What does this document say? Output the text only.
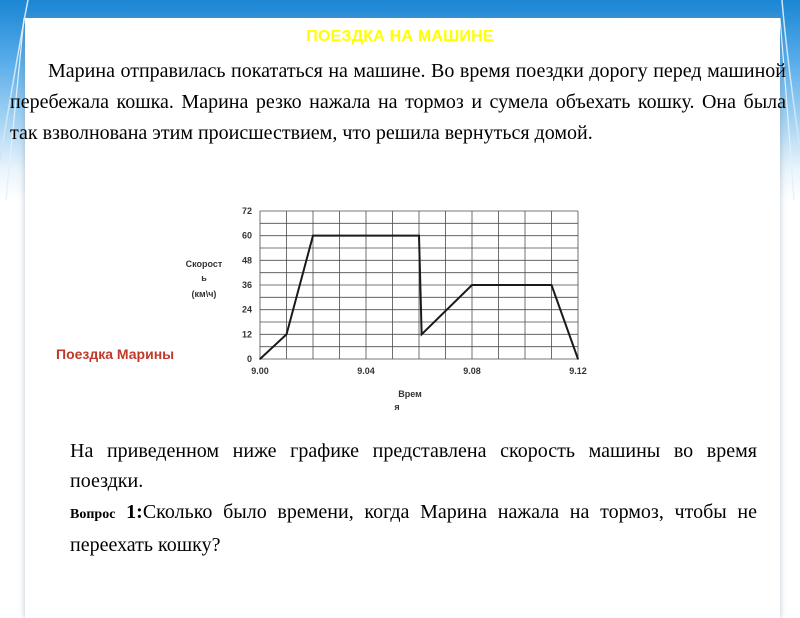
ПОЕЗДКА НА МАШИНЕ

Марина отправилась покататься на машине. Во время поездки дорогу перед машиной перебежала кошка. Марина резко нажала на тормоз и сумела объехать кошку. Она была так взволнована этим происшествием, что решила вернуться домой.

Поездка Марины	0
12
24
36
48
60
72
9.00	9.04	9.08	9.12
Скорост
ь
(км\ч)
Врем
я

На приведенном ниже графике представлена скорость машины во время поездки.

Вопрос 1:Сколько было времени, когда Марина нажала на тормоз, чтобы не переехать кошку?
